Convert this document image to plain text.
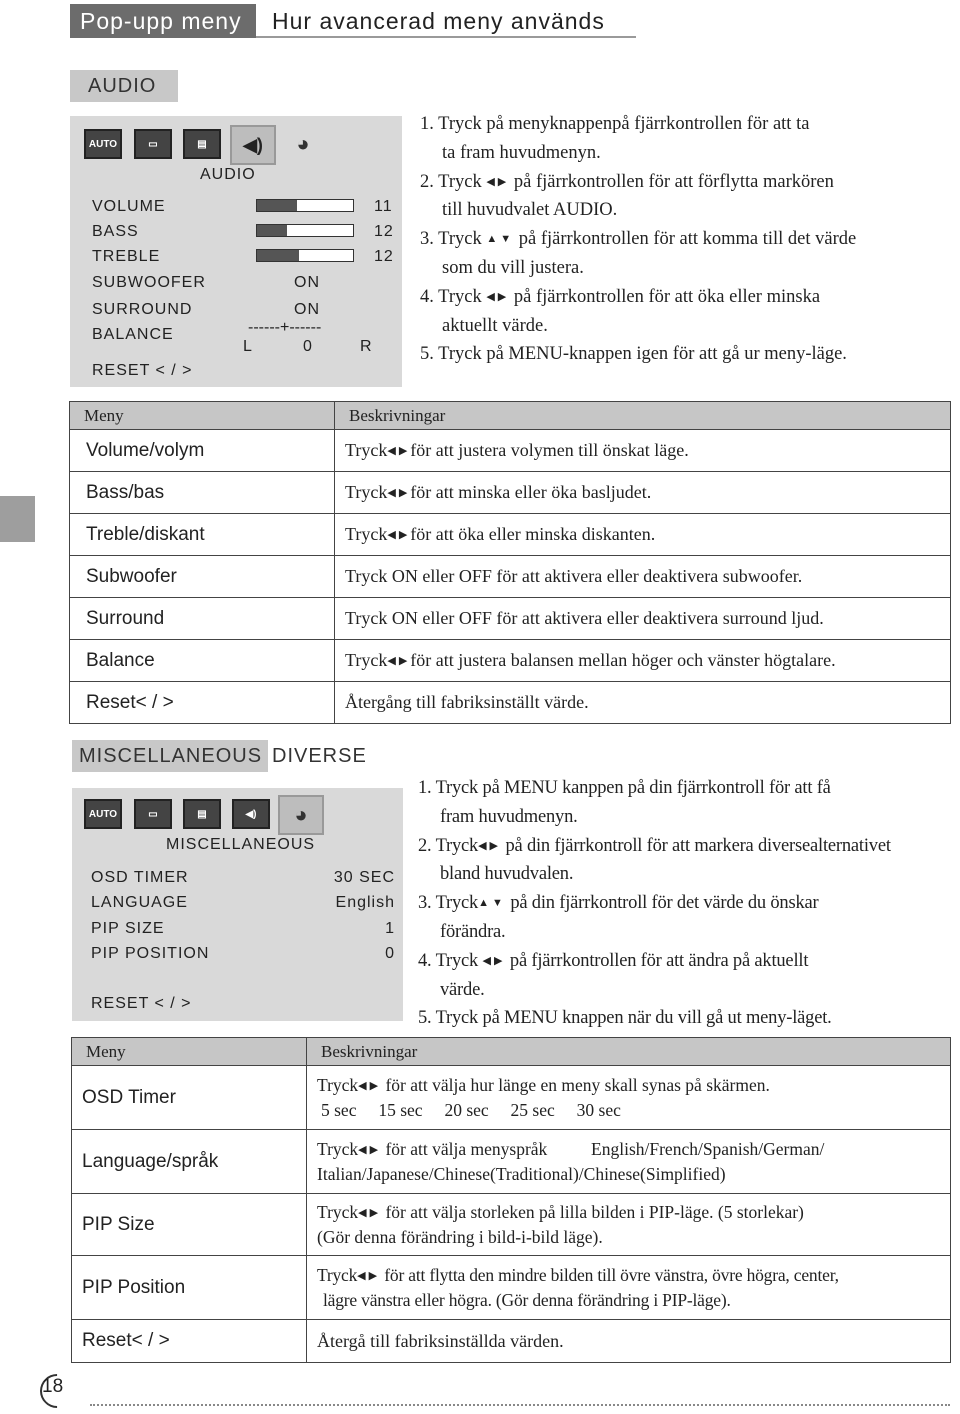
Pop-upp meny	Hur avancerad meny används
AUDIO
AUTO	▭	▤	◀)	◕
AUDIO
VOLUME	11
BASS	12
TREBLE	12
SUBWOOFER	ON
SURROUND	ON
BALANCE	------+------
L	0	R
RESET < / >
1. Tryck på menyknappenpå fjärrkontrollen för att ta
ta fram huvudmenyn.
2. Tryck ◀▶ på fjärrkontrollen för att förflytta markören
till huvudvalet AUDIO.
3. Tryck ▲▼ på fjärrkontrollen för att komma till det värde
som du vill justera.
4. Tryck ◀▶ på fjärrkontrollen för att öka eller minska
aktuellt värde.
5. Tryck på MENU-knappen igen för att gå ur meny-läge.
Meny	Beskrivningar
Volume/volym	Tryck◀▶för att justera volymen till önskat läge.
Bass/bas	Tryck◀▶för att minska eller öka basljudet.
Treble/diskant	Tryck◀▶för att öka eller minska diskanten.
Subwoofer	Tryck ON eller OFF för att aktivera eller deaktivera subwoofer.
Surround	Tryck ON eller OFF för att aktivera eller deaktivera surround ljud.
Balance	Tryck◀▶för att justera balansen mellan höger och vänster högtalare.
Reset< / >	Återgång till fabriksinställt värde.
MISCELLANEOUS DIVERSE
AUTO	▭	▤	◀)	◕
MISCELLANEOUS
OSD TIMER	30 SEC
LANGUAGE	English
PIP SIZE	1
PIP POSITION	0
RESET < / >
1. Tryck på MENU kanppen på din fjärrkontroll för att få
fram huvudmenyn.
2. Tryck◀▶ på din fjärrkontroll för att markera diversealternativet
bland huvudvalen.
3. Tryck▲▼ på din fjärrkontroll för det värde du önskar
förändra.
4. Tryck ◀▶ på fjärrkontrollen för att ändra på aktuellt
värde.
5. Tryck på MENU knappen när du vill gå ut meny-läget.
Meny	Beskrivningar
OSD Timer	Tryck◀▶ för att välja hur länge en meny skall synas på skärmen.
5 sec     15 sec     20 sec     25 sec     30 sec
Language/språk	Tryck◀▶ för att välja menyspråk          English/French/Spanish/German/
Italian/Japanese/Chinese(Traditional)/Chinese(Simplified)
PIP Size	Tryck◀▶ för att välja storleken på lilla bilden i PIP-läge. (5 storlekar)
(Gör denna förändring i bild-i-bild läge).
PIP Position	Tryck◀▶ för att flytta den mindre bilden till övre vänstra, övre högra, center,
lägre vänstra eller högra. (Gör denna förändring i PIP-läge).
Reset< / >	Återgå till fabriksinställda värden.
18
